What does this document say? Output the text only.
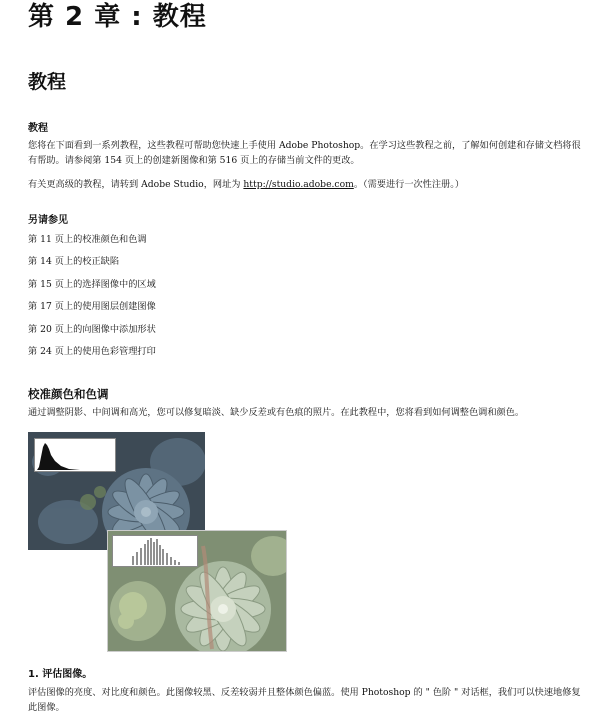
第 2 章 : 教程
教程
教程

您将在下面看到一系列教程，这些教程可帮助您快速上手使用 Adobe Photoshop。在学习这些教程之前，了解如何创建和存储文档将很有帮助。请参阅第 154 页上的创建新图像和第 516 页上的存储当前文件的更改。

有关更高级的教程，请转到 Adobe Studio，网址为 http://studio.adobe.com。（需要进行一次性注册。）

另请参见
第 11 页上的校准颜色和色调
第 14 页上的校正缺陷
第 15 页上的选择图像中的区域
第 17 页上的使用图层创建图像
第 20 页上的向图像中添加形状
第 24 页上的使用色彩管理打印
校准颜色和色调

通过调整阴影、中间调和高光，您可以修复暗淡、缺少反差或有色痕的照片。在此教程中，您将看到如何调整色调和颜色。

1. 评估图像。

评估图像的亮度、对比度和颜色。此图像较黑、反差较弱并且整体颜色偏蓝。使用 Photoshop 的 " 色阶 " 对话框，我们可以快速地修复此图像。
